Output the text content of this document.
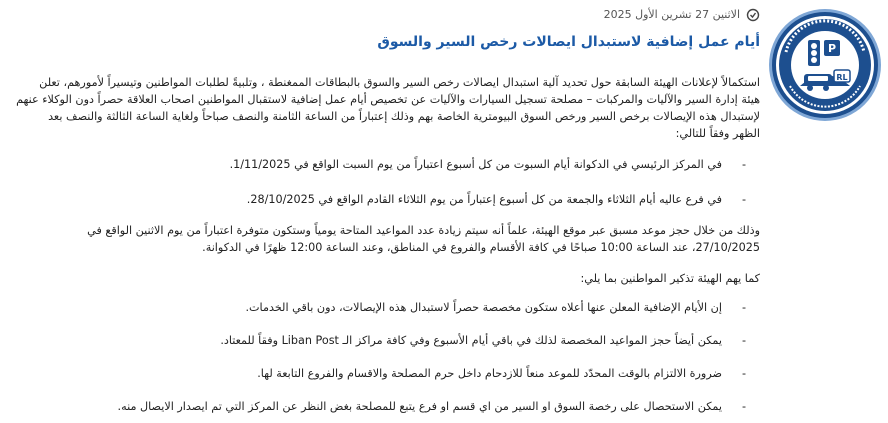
P
RL
الاثنين 27 تشرين الأول 2025
أيام عمل إضافية لاستبدال ايصالات رخص السير والسوق
استكمالاً لإعلانات الهيئة السابقة حول تحديد آلية استبدال ايصالات رخص السير والسوق بالبطاقات الممغنطة ، وتلبيةً لطلبات المواطنين وتيسيراً لأمورهم، تعلن
هيئة إدارة السير والآليات والمركبات – مصلحة تسجيل السيارات والآليات عن تخصيص أيام عمل إضافية لاستقبال المواطنين اصحاب العلاقة حصراً دون الوكلاء عنهم
لإستبدال هذه الإيصالات برخص السير ورخص السوق البيومترية الخاصة بهم وذلك إعتباراً من الساعة الثامنة والنصف صباحاً ولغاية الساعة الثالثة والنصف بعد
الظهر وفقاً للتالي:
- في المركز الرئيسي في الدكوانة أيام السبوت من كل أسبوع اعتباراً من يوم السبت الواقع في 1/11/2025.
- في فرع عاليه أيام الثلاثاء والجمعة من كل أسبوع إعتباراً من يوم الثلاثاء القادم الواقع في 28/10/2025.
وذلك من خلال حجز موعد مسبق عبر موقع الهيئة، علماً أنه سيتم زيادة عدد المواعيد المتاحة يومياً وستكون متوفرة اعتباراً من يوم الاثنين الواقع في
27/10/2025، عند الساعة 10:00 صباحًا في كافة الأقسام والفروع في المناطق، وعند الساعة 12:00 ظهرًا في الدكوانة.
كما يهم الهيئة تذكير المواطنين بما يلي:
- إن الأيام الإضافية المعلن عنها أعلاه ستكون مخصصة حصراً لاستبدال هذه الإيصالات، دون باقي الخدمات.
- يمكن أيضاً حجز المواعيد المخصصة لذلك في باقي أيام الأسبوع وفي كافة مراكز الـ Liban Post وفقاً للمعتاد.
- ضرورة الالتزام بالوقت المحدّد للموعد منعاً للازدحام داخل حرم المصلحة والاقسام والفروع التابعة لها.
- يمكن الاستحصال على رخصة السوق او السير من اي قسم او فرع يتبع للمصلحة بغض النظر عن المركز التي تم ايصدار الايصال منه.
